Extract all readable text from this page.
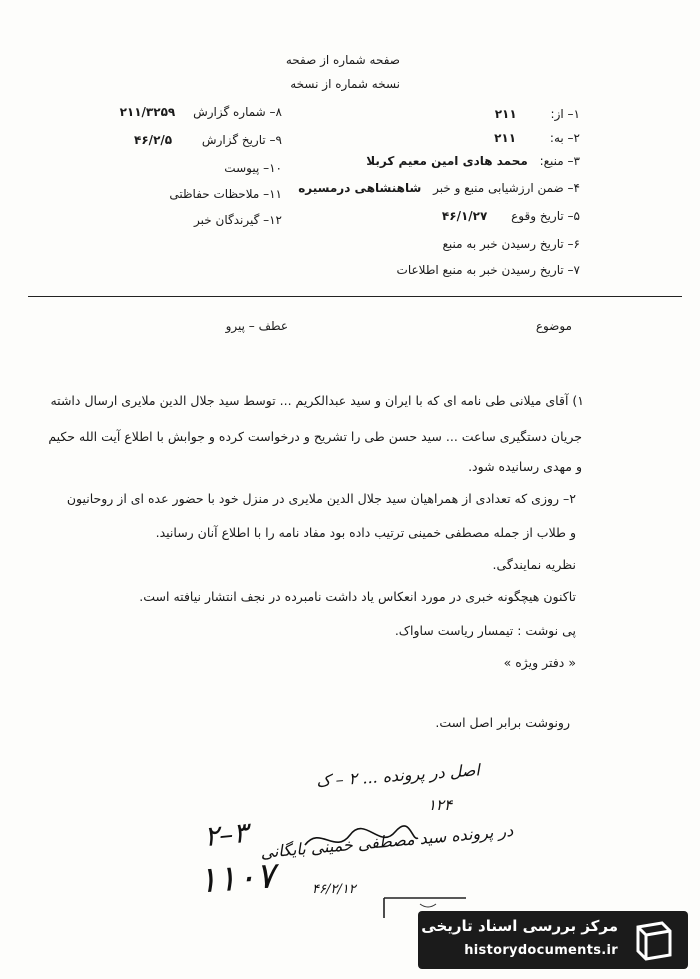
صفحه شماره از صفحه
نسخه شماره از نسخه
۱– از: ۲۱۱
۲– به: ۲۱۱
۳– منبع: محمد هادی امین معیم کربلا
۴– ضمن ارزشیابی منبع و خبر شاهنشاهی درمسیره
۵– تاریخ وقوع ۴۶/۱/۲۷
۶– تاریخ رسیدن خبر به منبع
۷– تاریخ رسیدن خبر به منبع اطلاعات
۸– شماره گزارش ۲۱۱/۳۲۵۹
۹– تاریخ گزارش ۴۶/۲/۵
۱۰– پیوست
۱۱– ملاحظات حفاظتی
۱۲– گیرندگان خبر
موضوع
عطف – پیرو
۱) آقای میلانی طی نامه ای که با ایران و سید عبدالکریم ... توسط سید جلال الدین ملایری ارسال داشته
جریان دستگیری ساعت ... سید حسن طی را تشریح و درخواست کرده و جوابش با اطلاع آیت الله حکیم
و مهدی رسانیده شود.
۲– روزی که تعدادی از همراهیان سید جلال الدین ملایری در منزل خود با حضور عده ای از روحانیون
و طلاب از جمله مصطفی خمینی ترتیب داده بود مفاد نامه را با اطلاع آنان رسانید.
نظریه نمایندگی.
تاکنون هیچگونه خبری در مورد انعکاس یاد داشت نامبرده در نجف انتشار نیافته است.
پی نوشت : تیمسار ریاست ساواک.
« دفتر ویژه »
رونوشت برابر اصل است.
اصل در پرونده ... ۲ – ک
۱۲۴
در پرونده سید مصطفی خمینی بایگانی
۲–۳
۱۱۰۷	۴۶/۲/۱۲
مرکز بررسی اسناد تاریخی
historydocuments.ir
